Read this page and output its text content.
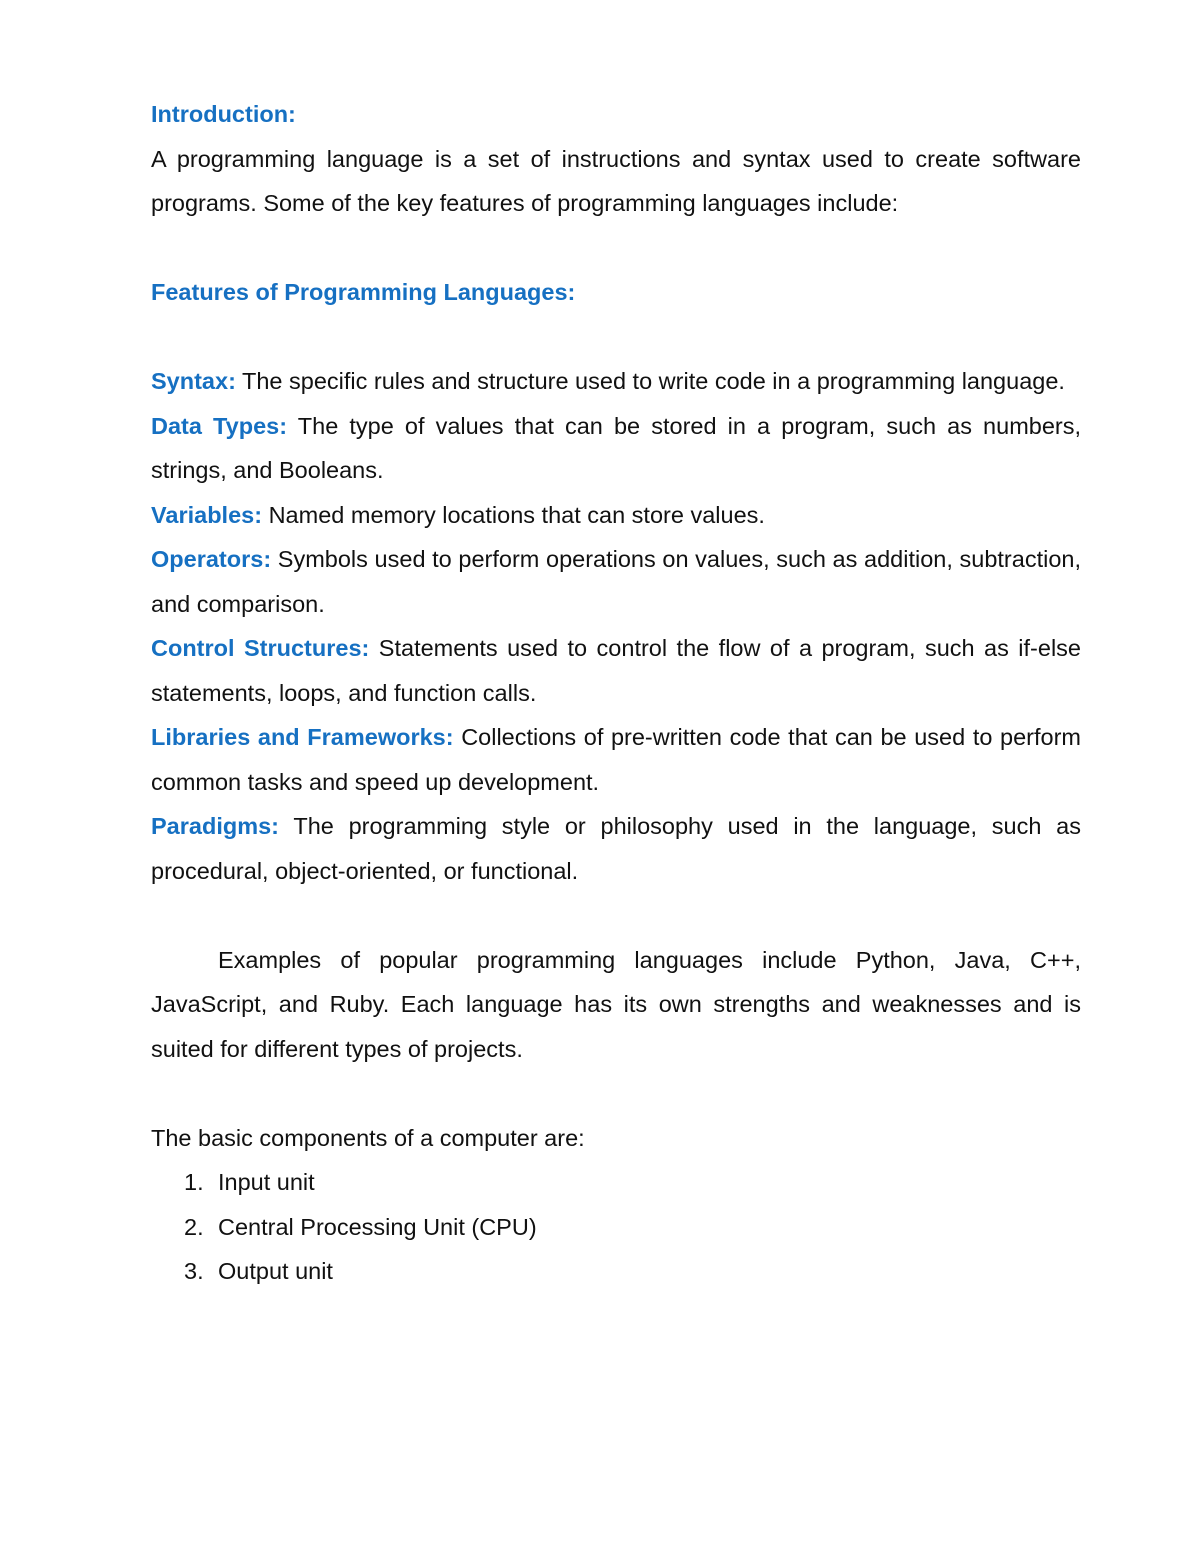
Introduction:

A programming language is a set of instructions and syntax used to create software programs. Some of the key features of programming languages include:

Features of Programming Languages:

Syntax: The specific rules and structure used to write code in a programming language.

Data Types: The type of values that can be stored in a program, such as numbers, strings, and Booleans.

Variables: Named memory locations that can store values.

Operators: Symbols used to perform operations on values, such as addition, subtraction, and comparison.

Control Structures: Statements used to control the flow of a program, such as if-else statements, loops, and function calls.

Libraries and Frameworks: Collections of pre-written code that can be used to perform common tasks and speed up development.

Paradigms: The programming style or philosophy used in the language, such as procedural, object-oriented, or functional.

Examples of popular programming languages include Python, Java, C++, JavaScript, and Ruby. Each language has its own strengths and weaknesses and is suited for different types of projects.

The basic components of a computer are:

1. Input unit
2. Central Processing Unit (CPU)
3. Output unit
